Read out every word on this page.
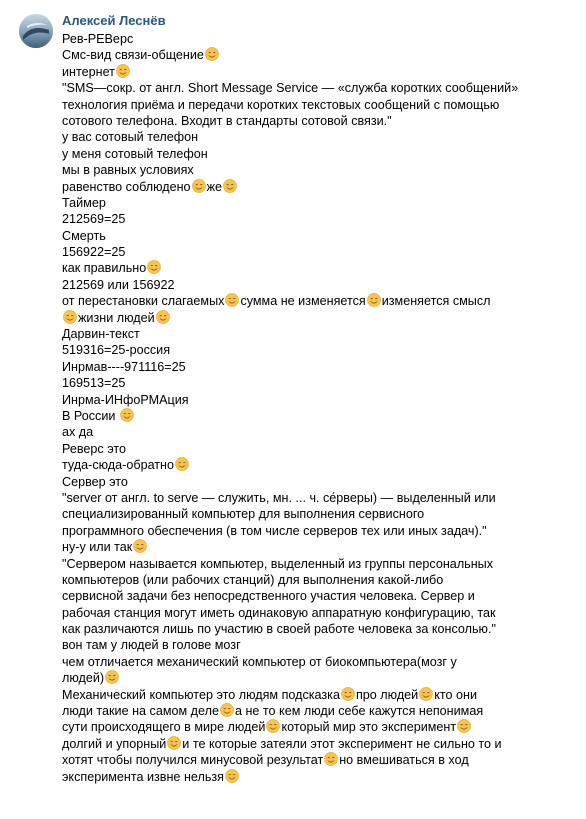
Алексей Леснёв
Рев-РЕВерс
Смс-вид связи-общение
интернет
"SMS—сокр. от англ. Short Message Service — «служба коротких сообщений»
технология приёма и передачи коротких текстовых сообщений с помощью
сотового телефона. Входит в стандарты сотовой связи."
у вас сотовый телефон
у меня сотовый телефон
мы в равных условиях
равенство соблюдено же
Таймер
212569=25
Смерть
156922=25
как правильно
212569 или 156922
от перестановки слагаемых сумма не изменяется изменяется смысл
жизни людей
Дарвин-текст
519316=25-россия
Инрмав----971116=25
169513=25
Инрма-ИНфоРМАция
В России
ах да
Реверс это
туда-сюда-обратно
Сервер это
"server от англ. to serve — служить, мн. ... ч. се́рверы) — выделенный или
специализированный компьютер для выполнения сервисного
программного обеспечения (в том числе серверов тех или иных задач)."
ну-у или так
"Сервером называется компьютер, выделенный из группы персональных
компьютеров (или рабочих станций) для выполнения какой-либо
сервисной задачи без непосредственного участия человека. Сервер и
рабочая станция могут иметь одинаковую аппаратную конфигурацию, так
как различаются лишь по участию в своей работе человека за консолью."
вон там у людей в голове мозг
чем отличается механический компьютер от биокомпьютера(мозг у
людей)
Механический компьютер это людям подсказка про людей кто они
люди такие на самом деле а не то кем люди себе кажутся непонимая
сути происходящего в мире людей который мир это эксперимент
долгий и упорный и те которые затеяли этот эксперимент не сильно то и
хотят чтобы получился минусовой результат но вмешиваться в ход
эксперимента извне нельзя
